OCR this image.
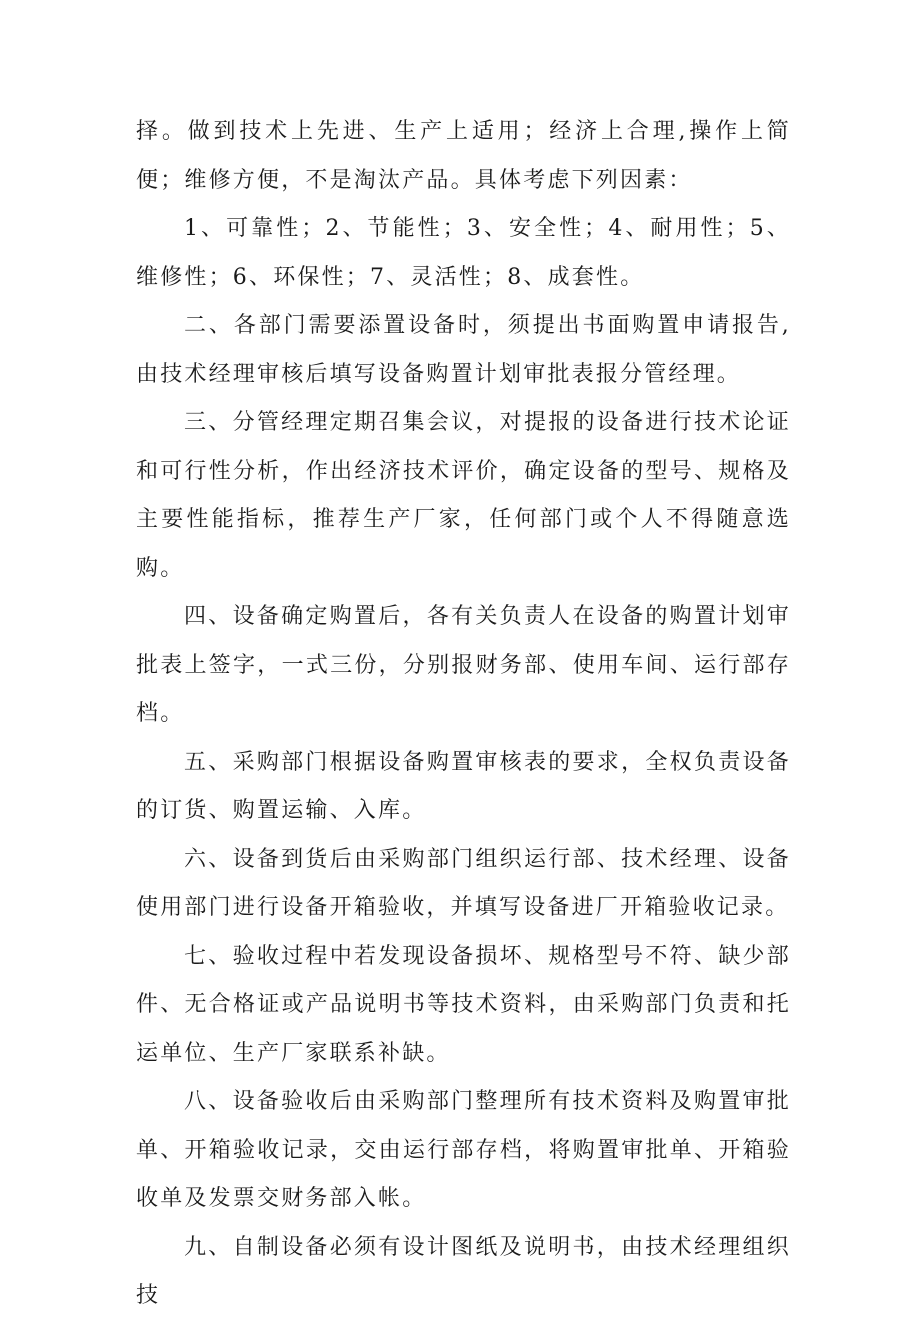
择。做到技术上先进、生产上适用；经济上合理,操作上简便；维修方便，不是淘汰产品。具体考虑下列因素：

1、可靠性；2、节能性；3、安全性；4、耐用性；5、维修性；6、环保性；7、灵活性；8、成套性。

二、各部门需要添置设备时，须提出书面购置申请报告,由技术经理审核后填写设备购置计划审批表报分管经理。

三、分管经理定期召集会议，对提报的设备进行技术论证和可行性分析，作出经济技术评价，确定设备的型号、规格及主要性能指标，推荐生产厂家，任何部门或个人不得随意选购。

四、设备确定购置后，各有关负责人在设备的购置计划审批表上签字，一式三份，分别报财务部、使用车间、运行部存档。

五、采购部门根据设备购置审核表的要求，全权负责设备的订货、购置运输、入库。

六、设备到货后由采购部门组织运行部、技术经理、设备使用部门进行设备开箱验收，并填写设备进厂开箱验收记录。

七、验收过程中若发现设备损坏、规格型号不符、缺少部件、无合格证或产品说明书等技术资料，由采购部门负责和托运单位、生产厂家联系补缺。

八、设备验收后由采购部门整理所有技术资料及购置审批单、开箱验收记录，交由运行部存档，将购置审批单、开箱验收单及发票交财务部入帐。

九、自制设备必须有设计图纸及说明书，由技术经理组织技
